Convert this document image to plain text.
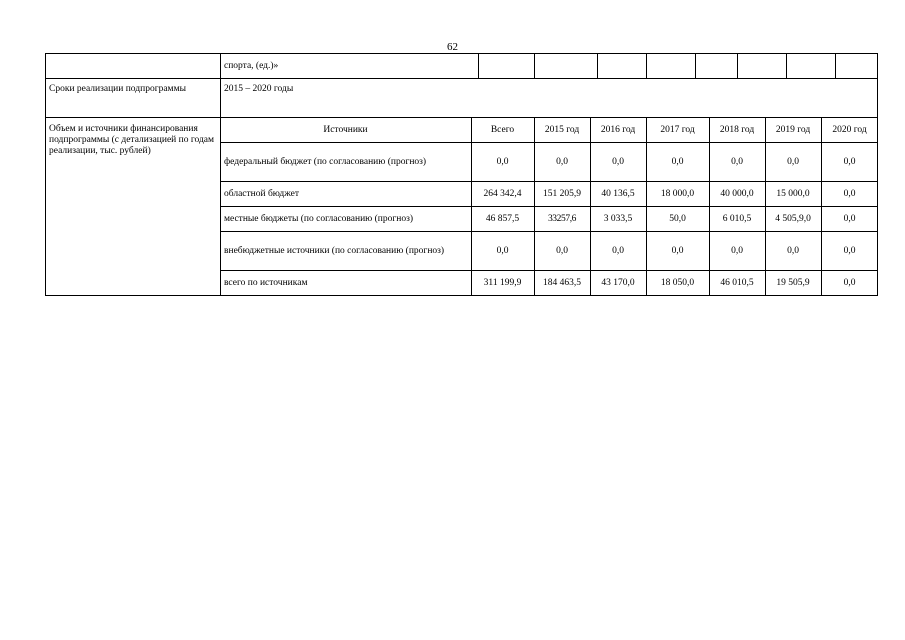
62
спорта, (ед.)»
Сроки реализации подпрограммы	2015 – 2020 годы
Объем и источники финансирования подпрограммы (с детализацией по годам реализации, тыс. рублей)
Источники	Всего	2015 год	2016 год	2017 год	2018 год	2019 год	2020 год
федеральный бюджет (по согласованию (прогноз)	0,0	0,0	0,0	0,0	0,0	0,0	0,0
областной бюджет	264 342,4	151 205,9	40 136,5	18 000,0	40 000,0	15 000,0	0,0
местные бюджеты (по согласованию (прогноз)	46 857,5	33257,6	3 033,5	50,0	6 010,5	4 505,9,0	0,0
внебюджетные источники (по согласованию (прогноз)	0,0	0,0	0,0	0,0	0,0	0,0	0,0
всего по источникам	311 199,9	184 463,5	43 170,0	18 050,0	46 010,5	19 505,9	0,0
